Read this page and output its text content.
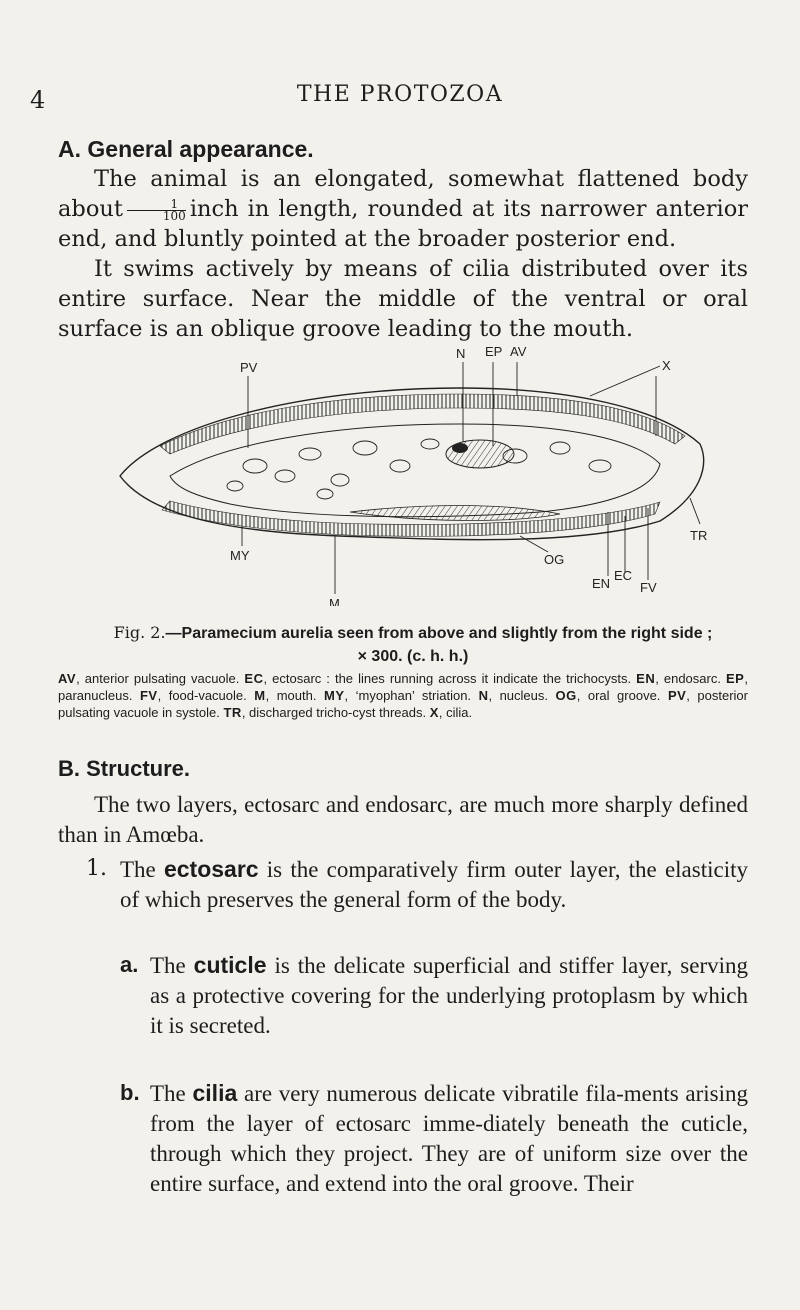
4	THE PROTOZOA
A. General appearance.

The animal is an elongated, somewhat flattened body about $\frac{1}{100}$ inch in length, rounded at its narrower anterior end, and bluntly pointed at the broader posterior end.

It swims actively by means of cilia distributed over its entire surface. Near the middle of the ventral or oral surface is an oblique groove leading to the mouth.

N EP AV
PV	X
MY
M
OG
EN
EC
FV
TR
Fig. 2.—Paramecium aurelia seen from above and slightly from the right side ; × 300. (c. h. h.)
AV, anterior pulsating vacuole. EC, ectosarc : the lines running across it indicate the trichocysts. EN, endosarc. EP, paranucleus. FV, food-vacuole. M, mouth. MY, ‘myophan’ striation. N, nucleus. OG, oral groove. PV, posterior pulsating vacuole in systole. TR, discharged tricho-cyst threads. X, cilia.
B. Structure.

The two layers, ectosarc and endosarc, are much more sharply defined than in Amœba.

1. The ectosarc is the comparatively firm outer layer, the elasticity of which preserves the general form of the body.

a. The cuticle is the delicate superficial and stiffer layer, serving as a protective covering for the underlying protoplasm by which it is secreted.

b. The cilia are very numerous delicate vibratile fila-ments arising from the layer of ectosarc imme-diately beneath the cuticle, through which they project. They are of uniform size over the entire surface, and extend into the oral groove. Their
